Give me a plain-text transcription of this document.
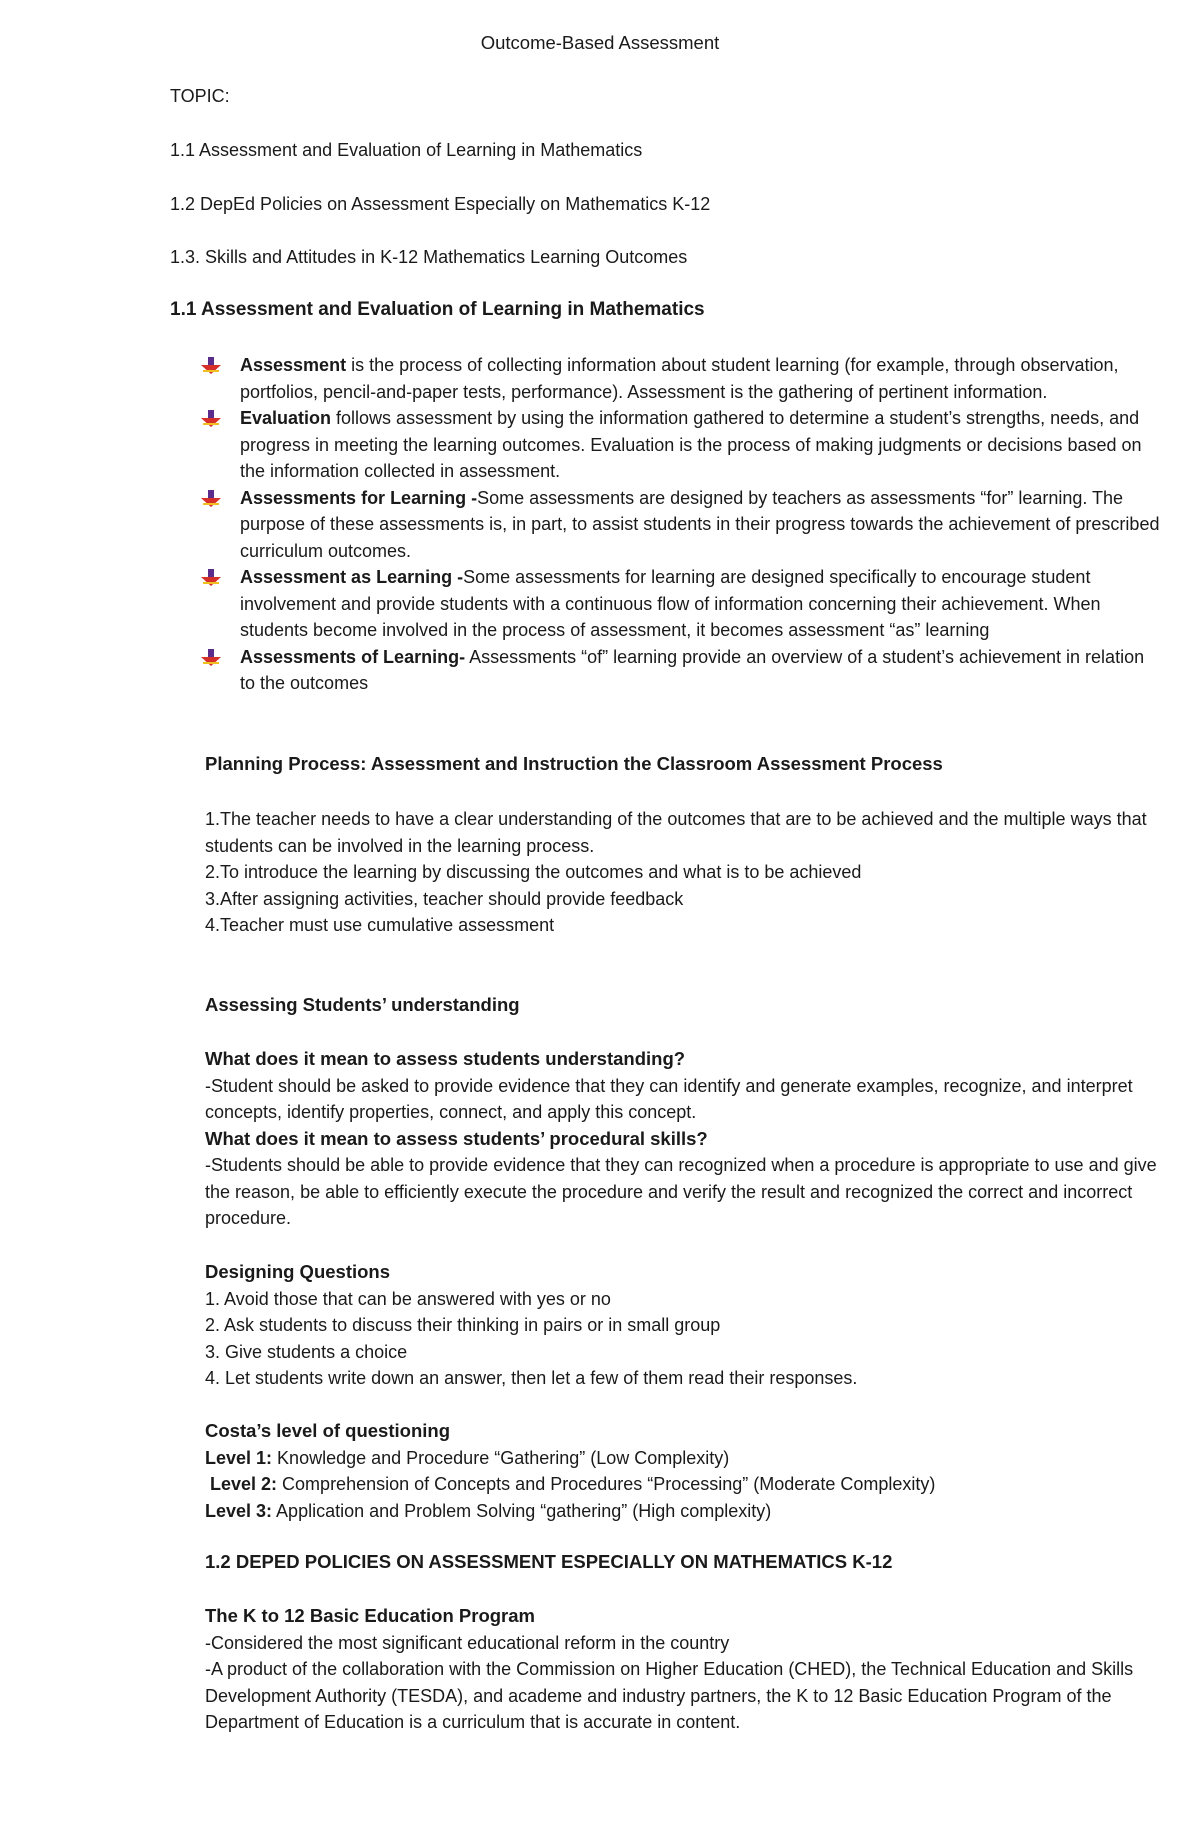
Outcome-Based Assessment
TOPIC:
1.1 Assessment and Evaluation of Learning in Mathematics
1.2 DepEd Policies on Assessment Especially on Mathematics K-12
1.3. Skills and Attitudes in K-12 Mathematics Learning Outcomes
1.1 Assessment and Evaluation of Learning in Mathematics
Assessment is the process of collecting information about student learning (for example, through observation, portfolios, pencil-and-paper tests, performance). Assessment is the gathering of pertinent information.
Evaluation follows assessment by using the information gathered to determine a student’s strengths, needs, and progress in meeting the learning outcomes. Evaluation is the process of making judgments or decisions based on the information collected in assessment.
Assessments for Learning -Some assessments are designed by teachers as assessments “for” learning. The purpose of these assessments is, in part, to assist students in their progress towards the achievement of prescribed curriculum outcomes.
Assessment as Learning -Some assessments for learning are designed specifically to encourage student involvement and provide students with a continuous flow of information concerning their achievement. When students become involved in the process of assessment, it becomes assessment “as” learning
Assessments of Learning- Assessments “of” learning provide an overview of a student’s achievement in relation to the outcomes
Planning Process: Assessment and Instruction the Classroom Assessment Process
1.The teacher needs to have a clear understanding of the outcomes that are to be achieved and the multiple ways that students can be involved in the learning process.
2.To introduce the learning by discussing the outcomes and what is to be achieved
3.After assigning activities, teacher should provide feedback
4.Teacher must use cumulative assessment
Assessing Students’ understanding
What does it mean to assess students understanding?
-Student should be asked to provide evidence that they can identify and generate examples, recognize, and interpret concepts, identify properties, connect, and apply this concept.
What does it mean to assess students’ procedural skills?
-Students should be able to provide evidence that they can recognized when a procedure is appropriate to use and give the reason, be able to efficiently execute the procedure and verify the result and recognized the correct and incorrect procedure.
Designing Questions
1. Avoid those that can be answered with yes or no
2. Ask students to discuss their thinking in pairs or in small group
3. Give students a choice
4. Let students write down an answer, then let a few of them read their responses.
Costa’s level of questioning
Level 1: Knowledge and Procedure “Gathering” (Low Complexity)
Level 2: Comprehension of Concepts and Procedures “Processing” (Moderate Complexity)
Level 3: Application and Problem Solving “gathering” (High complexity)
1.2 DEPED POLICIES ON ASSESSMENT ESPECIALLY ON MATHEMATICS K-12
The K to 12 Basic Education Program
-Considered the most significant educational reform in the country
-A product of the collaboration with the Commission on Higher Education (CHED), the Technical Education and Skills Development Authority (TESDA), and academe and industry partners, the K to 12 Basic Education Program of the Department of Education is a curriculum that is accurate in content.
